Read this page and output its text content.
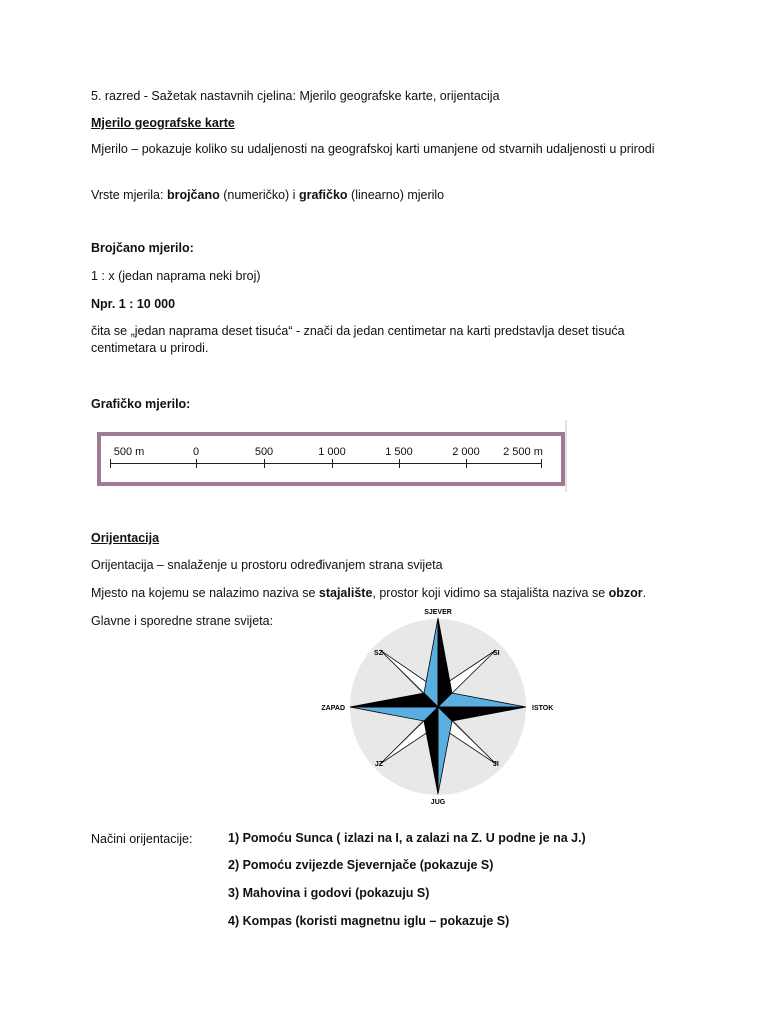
5. razred - Sažetak nastavnih cjelina: Mjerilo geografske karte, orijentacija
Mjerilo geografske karte
Mjerilo – pokazuje koliko su udaljenosti na geografskoj karti umanjene od stvarnih udaljenosti u prirodi
Vrste mjerila: brojčano (numeričko) i grafičko (linearno) mjerilo
Brojčano mjerilo:
1 : x (jedan naprama neki broj)
Npr. 1 : 10 000
čita se „jedan naprama deset tisuća“ - znači da jedan centimetar na karti predstavlja deset tisuća centimetara u prirodi.
Grafičko mjerilo:
500 m	0	500	1 000	1 500	2 000 2 500 m
Orijentacija
Orijentacija – snalaženje u prostoru određivanjem strana svijeta
Mjesto na kojemu se nalazimo naziva se stajalište, prostor koji vidimo sa stajališta naziva se obzor.
Glavne i sporedne strane svijeta:
SJEVER
JUG
ISTOK
ZAPAD
SI
SZ
JI
JZ
Načini orijentacije:	1) Pomoću Sunca ( izlazi na I, a zalazi na Z. U podne je na J.)
2) Pomoću zvijezde Sjevernjače (pokazuje S)
3) Mahovina i godovi (pokazuju S)
4) Kompas (koristi magnetnu iglu – pokazuje S)
